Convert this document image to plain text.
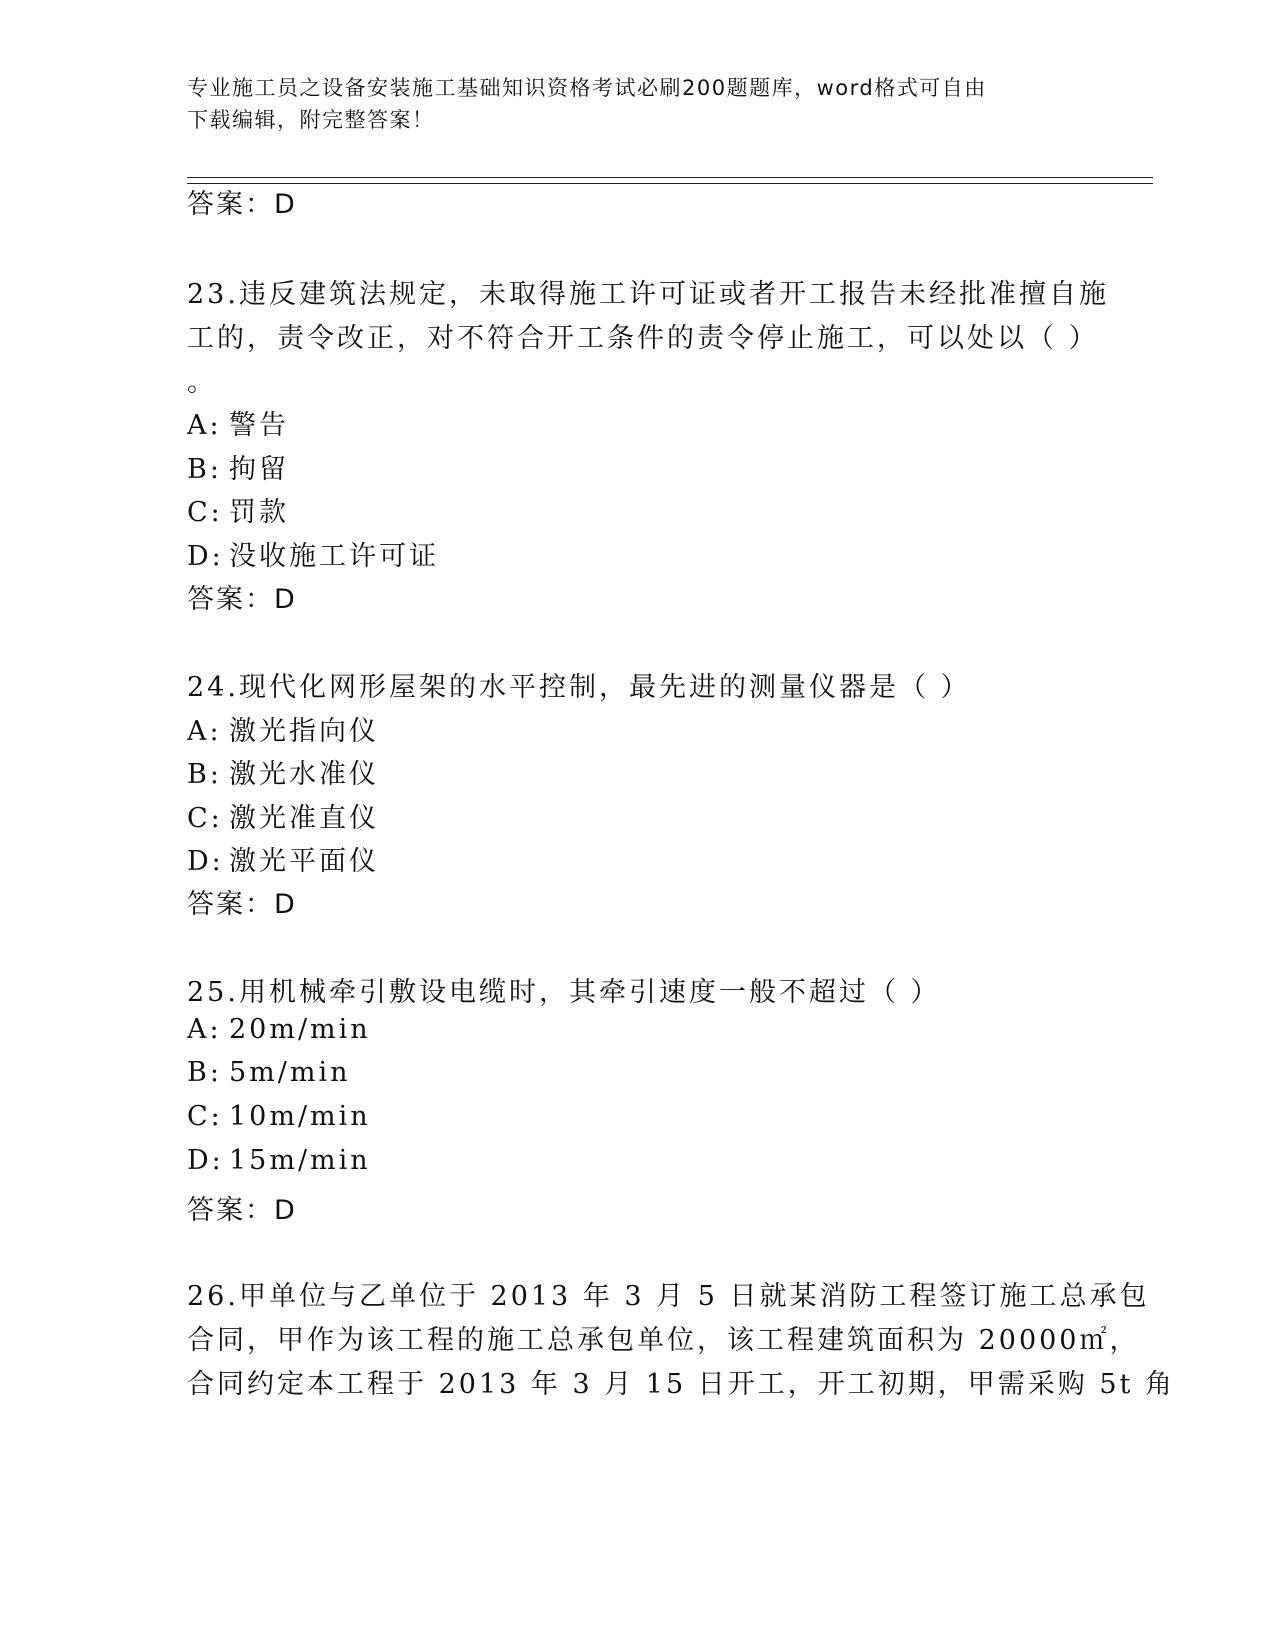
专业施工员之设备安装施工基础知识资格考试必刷200题题库，word格式可自由
下载编辑，附完整答案！
答案：D
23.违反建筑法规定，未取得施工许可证或者开工报告未经批准擅自施
工的，责令改正，对不符合开工条件的责令停止施工，可以处以（ ）
。
A: 警告
B: 拘留
C: 罚款
D: 没收施工许可证
答案：D
24.现代化网形屋架的水平控制，最先进的测量仪器是（ ）
A: 激光指向仪
B: 激光水准仪
C: 激光准直仪
D: 激光平面仪
答案：D
25.用机械牵引敷设电缆时，其牵引速度一般不超过（ ）
A: 20m/min
B: 5m/min
C: 10m/min
D: 15m/min
答案：D
26.甲单位与乙单位于 2013 年 3 月 5 日就某消防工程签订施工总承包
合同，甲作为该工程的施工总承包单位，该工程建筑面积为 20000㎡，
合同约定本工程于 2013 年 3 月 15 日开工，开工初期，甲需采购 5t 角
